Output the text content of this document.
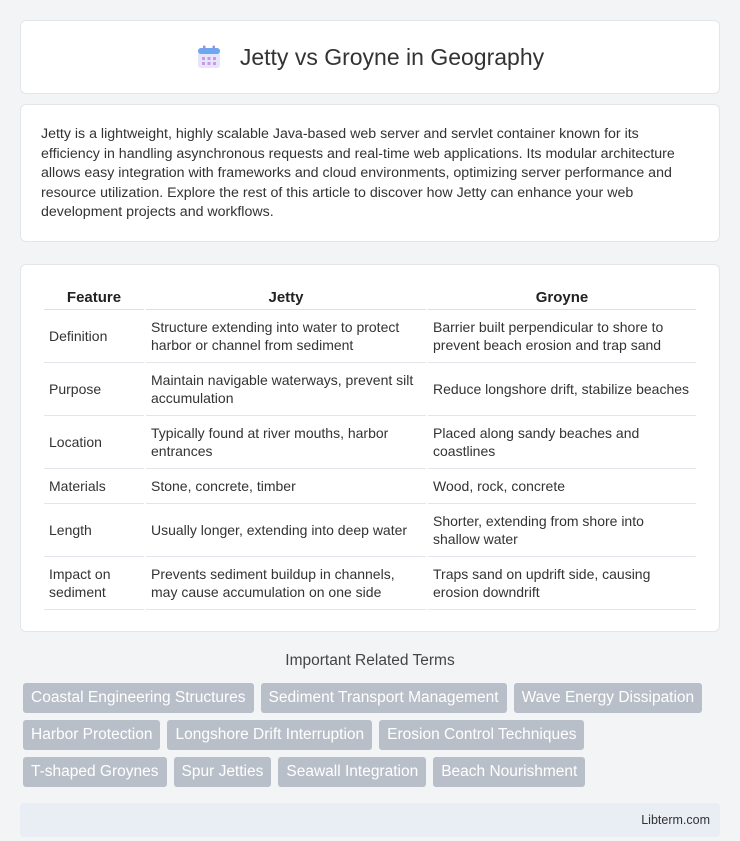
Jetty vs Groyne in Geography

Jetty is a lightweight, highly scalable Java-based web server and servlet container known for its efficiency in handling asynchronous requests and real-time web applications. Its modular architecture allows easy integration with frameworks and cloud environments, optimizing server performance and resource utilization. Explore the rest of this article to discover how Jetty can enhance your web development projects and workflows.

Feature	Jetty	Groyne
Definition	Structure extending into water to protect harbor or channel from sediment	Barrier built perpendicular to shore to prevent beach erosion and trap sand
Purpose	Maintain navigable waterways, prevent silt accumulation	Reduce longshore drift, stabilize beaches
Location	Typically found at river mouths, harbor entrances	Placed along sandy beaches and coastlines
Materials	Stone, concrete, timber	Wood, rock, concrete
Length	Usually longer, extending into deep water	Shorter, extending from shore into shallow water
Impact on sediment	Prevents sediment buildup in channels, may cause accumulation on one side	Traps sand on updrift side, causing erosion downdrift
Important Related Terms
Coastal Engineering Structures	Sediment Transport Management	Wave Energy Dissipation
Harbor Protection	Longshore Drift Interruption	Erosion Control Techniques
T-shaped Groynes	Spur Jetties	Seawall Integration	Beach Nourishment
Libterm.com
